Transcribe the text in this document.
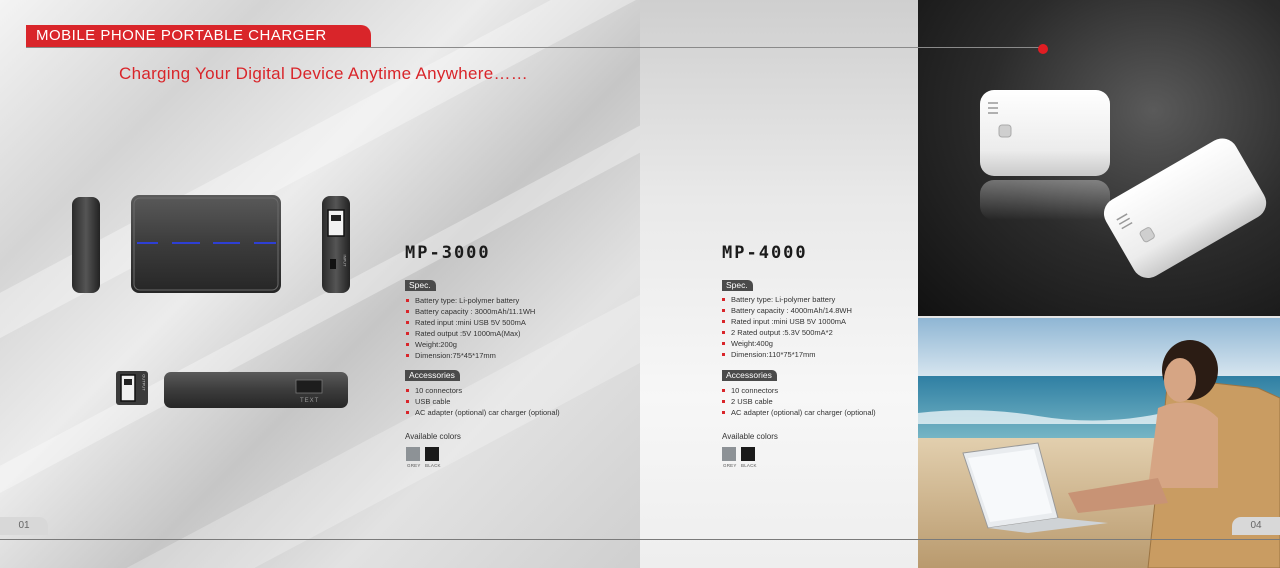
INPUT
TEXT
OUTPUT
01	04
MOBILE PHONE PORTABLE CHARGER
Charging Your Digital Device Anytime Anywhere……
MP-3000
Spec.
Battery type: Li-polymer battery
Battery capacity : 3000mAh/11.1WH
Rated input :mini USB 5V 500mA
Rated output :5V 1000mA(Max)
Weight:200g
Dimension:75*45*17mm
Accessories
10 connectors
USB cable
AC adapter (optional) car charger (optional)
Available colors
GREY BLACK
MP-4000
Spec.
Battery type: Li-polymer battery
Battery capacity : 4000mAh/14.8WH
Rated input :mini USB 5V 1000mA
2 Rated output :5.3V 500mA*2
Weight:400g
Dimension:110*75*17mm
Accessories
10 connectors
2 USB cable
AC adapter (optional) car charger (optional)
Available colors
GREY BLACK
